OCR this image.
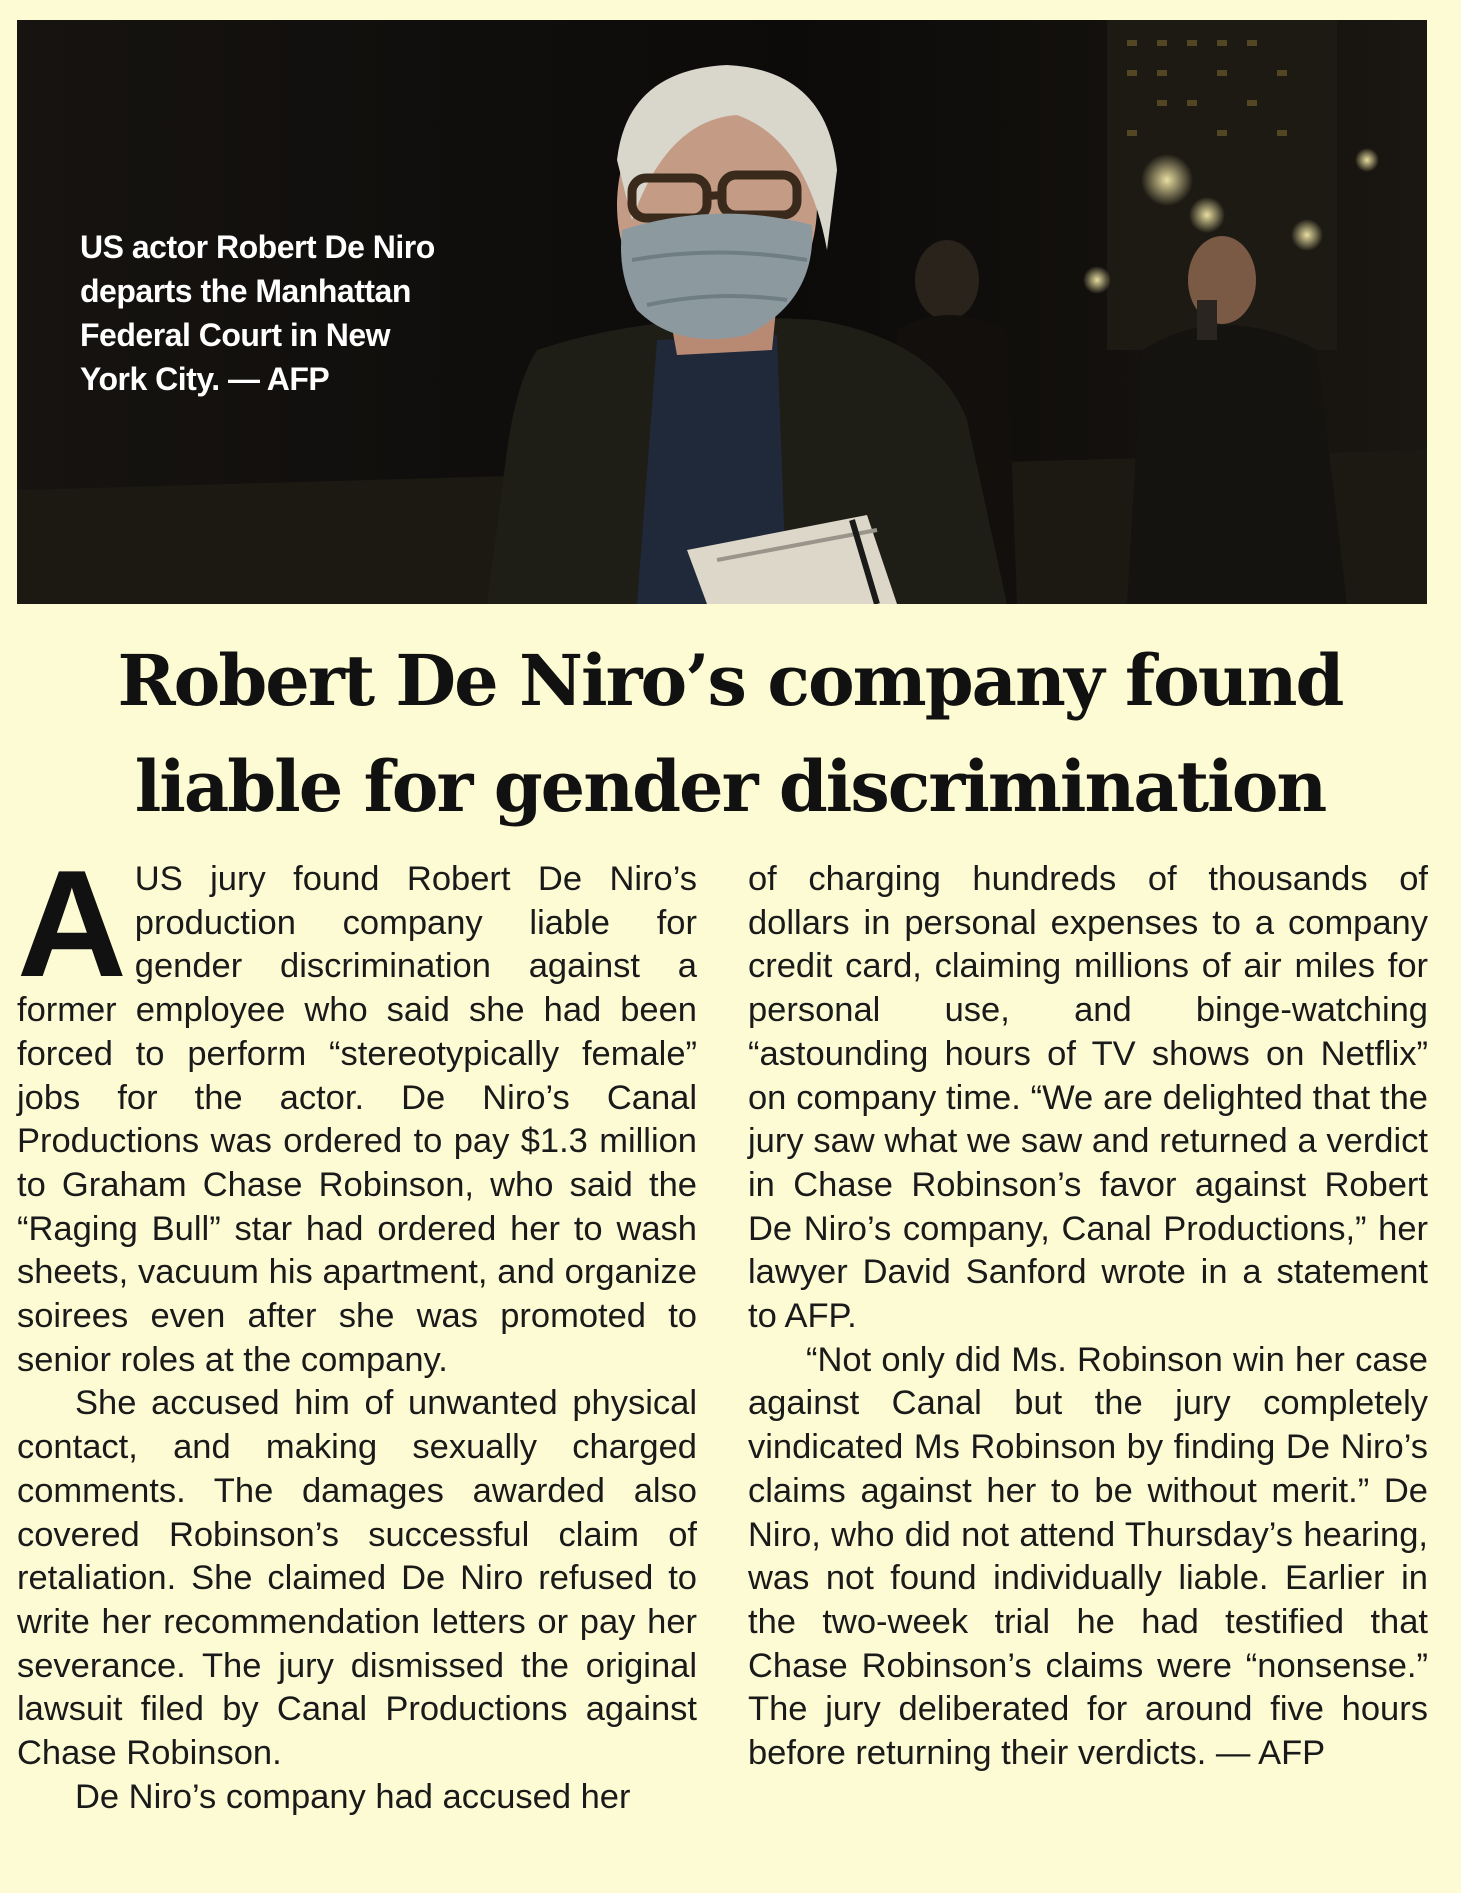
US actor Robert De Niro departs the Manhattan Federal Court in New York City. — AFP

Robert De Niro’s company found liable for gender discrimination

AUS jury found Robert De Niro’s production company liable for gender discrimination against a former employee who said she had been forced to perform “stereotypically female” jobs for the actor. De Niro’s Canal Productions was ordered to pay $1.3 million to Graham Chase Robinson, who said the “Raging Bull” star had ordered her to wash sheets, vacuum his apartment, and organize soirees even after she was promoted to senior roles at the company.

She accused him of unwanted physical contact, and making sexually charged comments. The damages awarded also covered Robinson’s successful claim of retaliation. She claimed De Niro refused to write her recommendation letters or pay her severance. The jury dismissed the original lawsuit filed by Canal Productions against Chase Robinson.

De Niro’s company had accused her

of charging hundreds of thousands of dollars in personal expenses to a company credit card, claiming millions of air miles for personal use, and binge-watching “astounding hours of TV shows on Netflix” on company time. “We are delighted that the jury saw what we saw and returned a verdict in Chase Robinson’s favor against Robert De Niro’s company, Canal Productions,” her lawyer David Sanford wrote in a statement to AFP.

“Not only did Ms. Robinson win her case against Canal but the jury completely vindicated Ms Robinson by finding De Niro’s claims against her to be without merit.” De Niro, who did not attend Thursday’s hearing, was not found individually liable. Earlier in the two-week trial he had testified that Chase Robinson’s claims were “nonsense.” The jury deliberated for around five hours before returning their verdicts. — AFP
